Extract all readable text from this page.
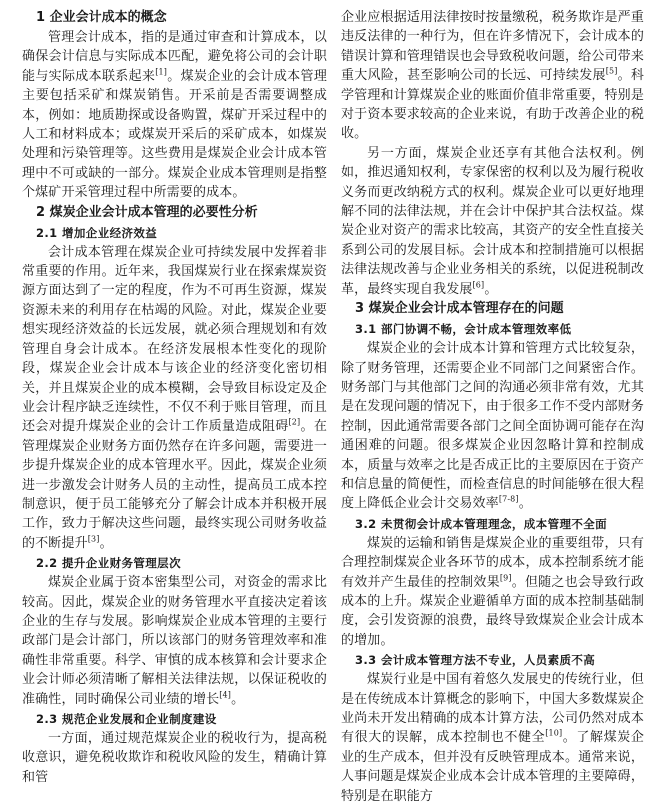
1 企业会计成本的概念

管理会计成本，指的是通过审查和计算成本，以确保会计信息与实际成本匹配，避免将公司的会计职能与实际成本联系起来[1]。煤炭企业的会计成本管理主要包括采矿和煤炭销售。开采前是否需要调整成本，例如：地质勘探或设备购置，煤矿开采过程中的人工和材料成本；或煤炭开采后的采矿成本，如煤炭处理和污染管理等。这些费用是煤炭企业会计成本管理中不可或缺的一部分。煤炭企业成本管理则是指整个煤矿开采管理过程中所需要的成本。

2 煤炭企业会计成本管理的必要性分析
2.1 增加企业经济效益

会计成本管理在煤炭企业可持续发展中发挥着非常重要的作用。近年来，我国煤炭行业在探索煤炭资源方面达到了一定的程度，作为不可再生资源，煤炭资源未来的利用存在枯竭的风险。对此，煤炭企业要想实现经济效益的长远发展，就必须合理规划和有效管理自身会计成本。在经济发展根本性变化的现阶段，煤炭企业会计成本与该企业的经济变化密切相关，并且煤炭企业的成本模糊，会导致目标设定及企业会计程序缺乏连续性，不仅不利于账目管理，而且还会对提升煤炭企业的会计工作质量造成阻碍[2]。在管理煤炭企业财务方面仍然存在许多问题，需要进一步提升煤炭企业的成本管理水平。因此，煤炭企业须进一步激发会计财务人员的主动性，提高员工成本控制意识，便于员工能够充分了解会计成本并积极开展工作，致力于解决这些问题，最终实现公司财务收益的不断提升[3]。

2.2 提升企业财务管理层次

煤炭企业属于资本密集型公司，对资金的需求比较高。因此，煤炭企业的财务管理水平直接决定着该企业的生存与发展。影响煤炭企业成本管理的主要行政部门是会计部门，所以该部门的财务管理效率和准确性非常重要。科学、审慎的成本核算和会计要求企业会计师必须清晰了解相关法律法规，以保证税收的准确性，同时确保公司业绩的增长[4]。

2.3 规范企业发展和企业制度建设

一方面，通过规范煤炭企业的税收行为，提高税收意识，避免税收欺诈和税收风险的发生，精确计算和管

企业应根据适用法律按时按量缴税，税务欺诈是严重违反法律的一种行为，但在许多情况下，会计成本的错误计算和管理错误也会导致税收问题，给公司带来重大风险，甚至影响公司的长远、可持续发展[5]。科学管理和计算煤炭企业的账面价值非常重要，特别是对于资本要求较高的企业来说，有助于改善企业的税收。

另一方面，煤炭企业还享有其他合法权利。例如，推迟通知权利，专家保密的权利以及为履行税收义务而更改纳税方式的权利。煤炭企业可以更好地理解不同的法律法规，并在会计中保护其合法权益。煤炭企业对资产的需求比较高，其资产的安全性直接关系到公司的发展目标。会计成本和控制措施可以根据法律法规改善与企业业务相关的系统，以促进税制改革，最终实现自我发展[6]。

3 煤炭企业会计成本管理存在的问题
3.1 部门协调不畅，会计成本管理效率低

煤炭企业的会计成本计算和管理方式比较复杂，除了财务管理，还需要企业不同部门之间紧密合作。财务部门与其他部门之间的沟通必须非常有效，尤其是在发现问题的情况下，由于很多工作不受内部财务控制，因此通常需要各部门之间全面协调可能存在沟通困难的问题。很多煤炭企业因忽略计算和控制成本，质量与效率之比是否成正比的主要原因在于资产和信息量的简便性，而检查信息的时间能够在很大程度上降低企业会计交易效率[7-8]。

3.2 未贯彻会计成本管理理念，成本管理不全面

煤炭的运输和销售是煤炭企业的重要组带，只有合理控制煤炭企业各环节的成本，成本控制系统才能有效并产生最佳的控制效果[9]。但随之也会导致行政成本的上升。煤炭企业避循单方面的成本控制基础制度，会引发资源的浪费，最终导致煤炭企业会计成本的增加。

3.3 会计成本管理方法不专业，人员素质不高

煤炭行业是中国有着悠久发展史的传统行业，但是在传统成本计算概念的影响下，中国大多数煤炭企业尚未开发出精确的成本计算方法，公司仍然对成本有很大的误解，成本控制也不健全[10]。了解煤炭企业的生产成本，但并没有反映管理成本。通常来说，人事问题是煤炭企业成本会计成本管理的主要障碍，特别是在职能方
